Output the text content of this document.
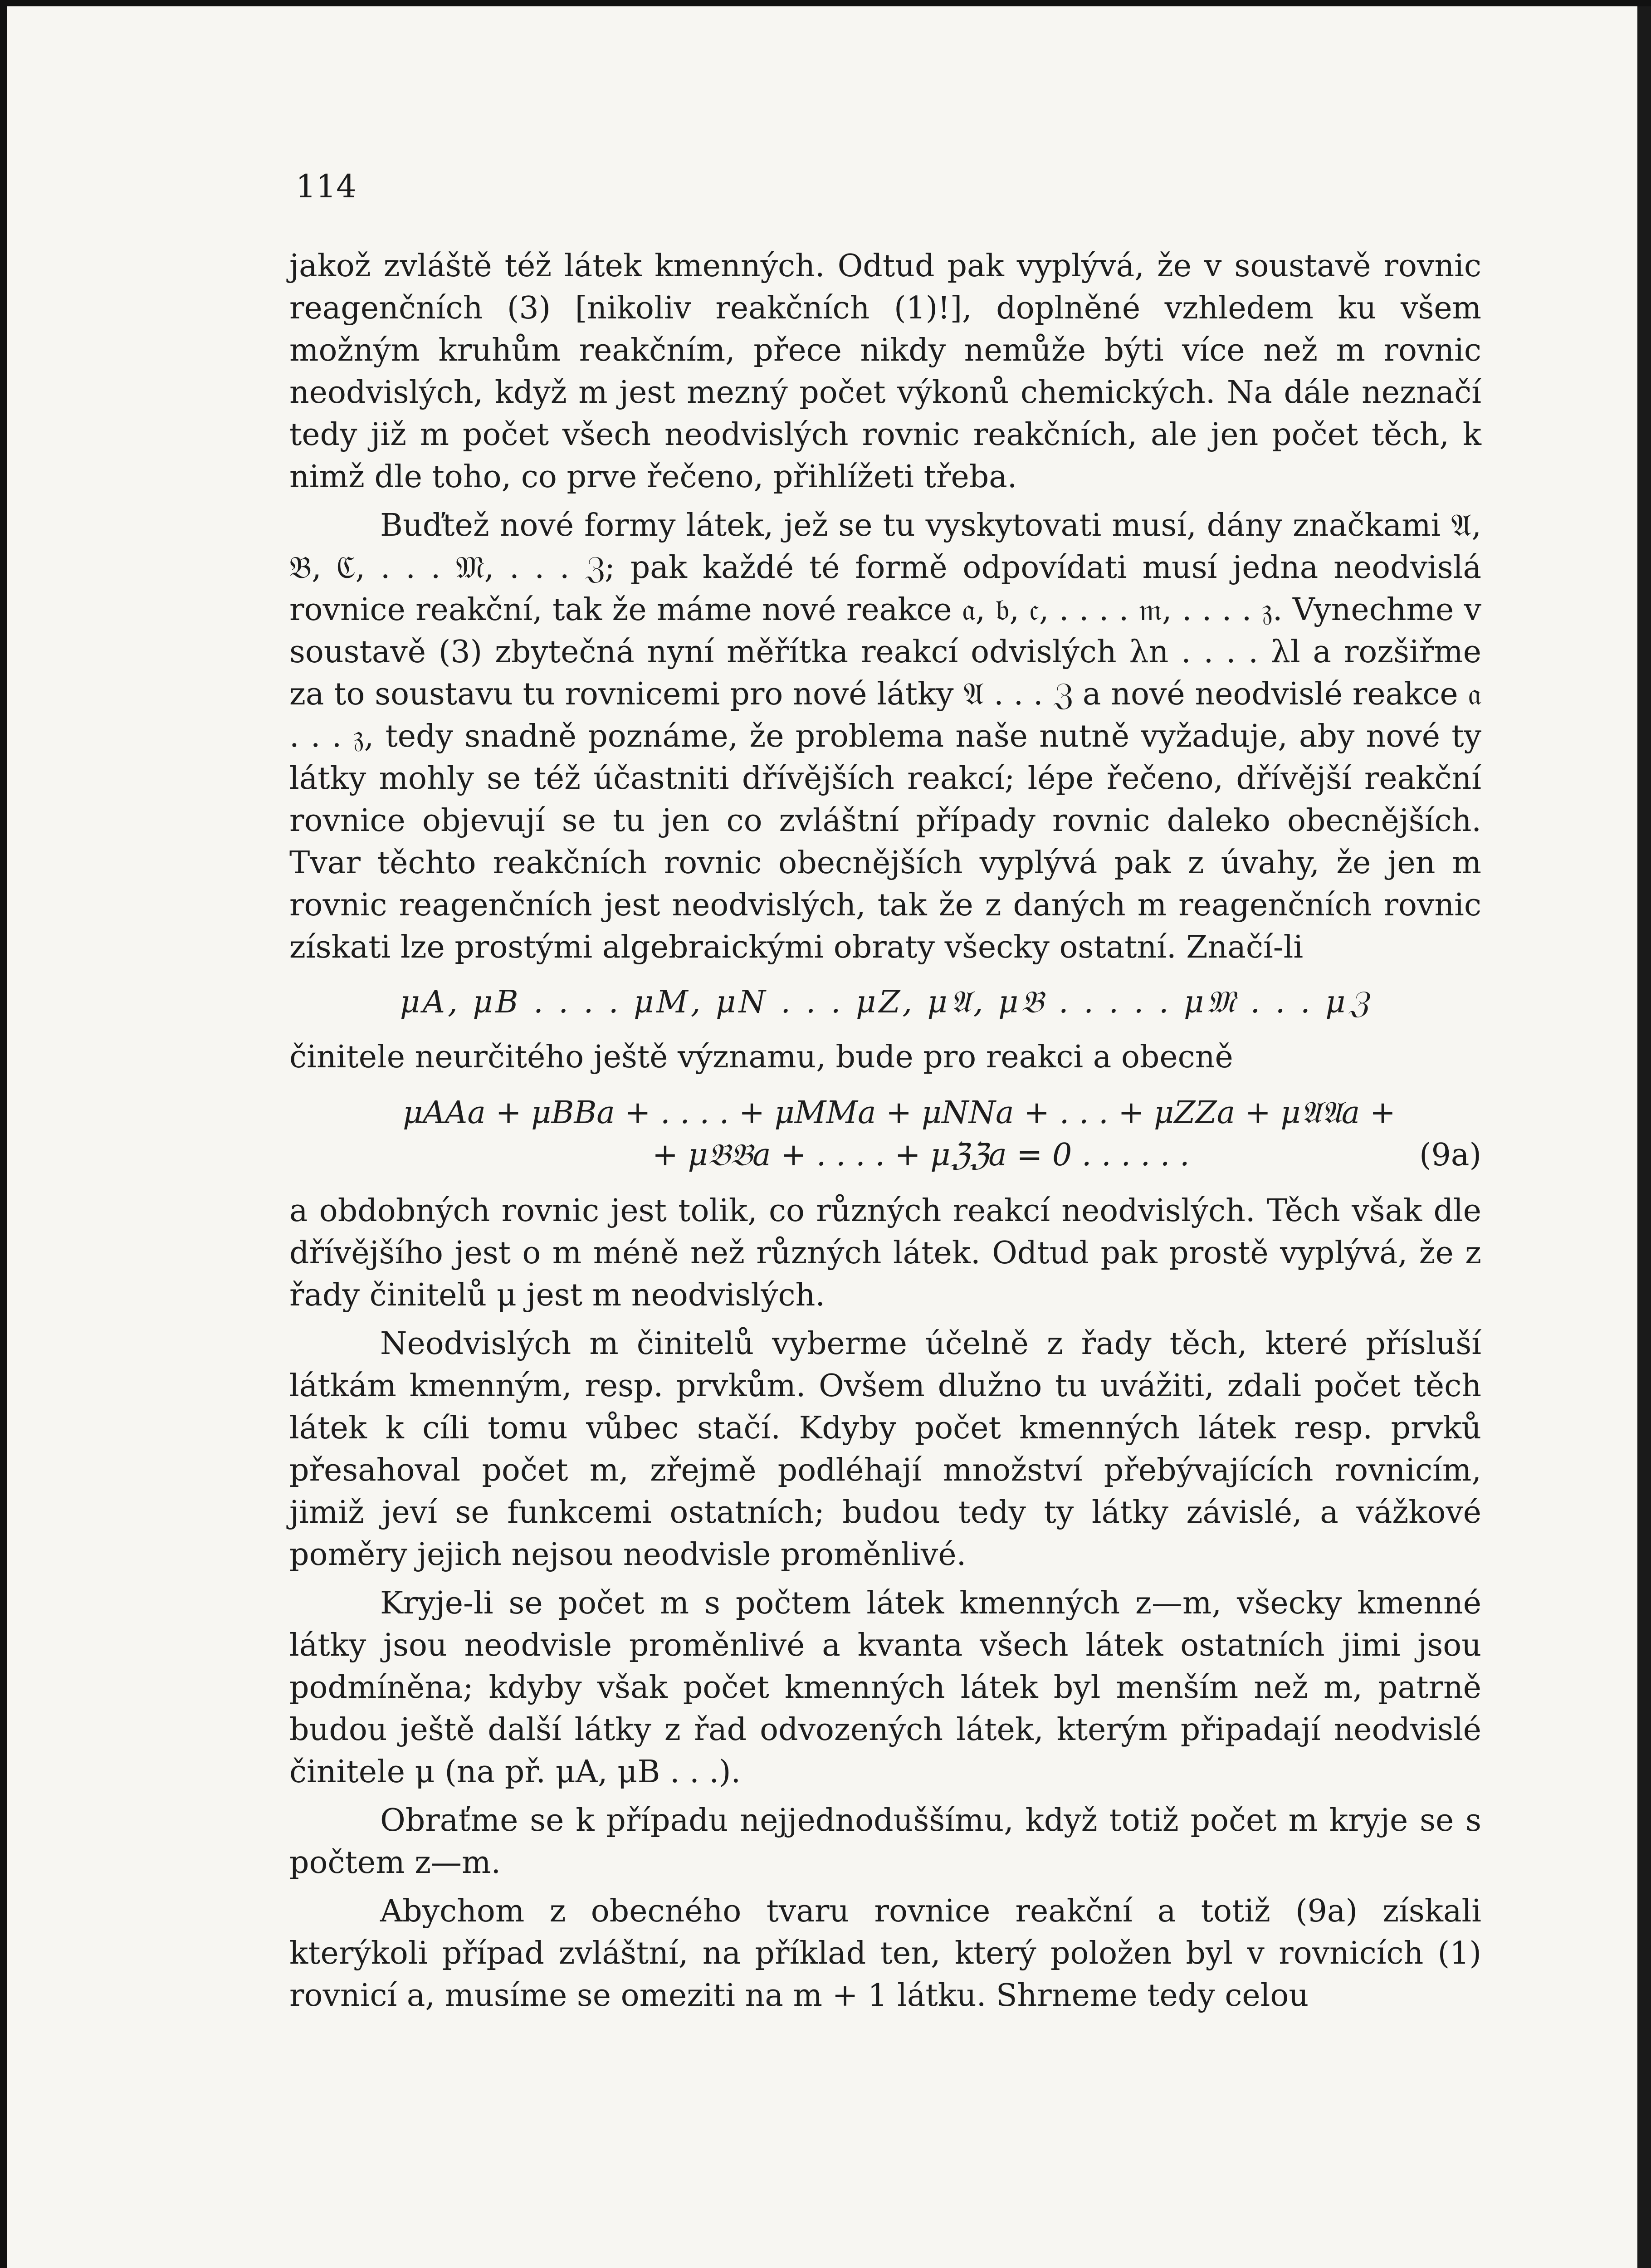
114

jakož zvláště též látek kmenných. Odtud pak vyplývá, že v soustavě rovnic reagenčních (3) [nikoliv reakčních (1)!], doplněné vzhledem ku všem možným kruhům reakčním, přece nikdy nemůže býti více než m rovnic neodvislých, když m jest mezný počet výkonů chemických. Na dále neznačí tedy již m počet všech neodvislých rovnic reakčních, ale jen počet těch, k nimž dle toho, co prve řečeno, přihlížeti třeba.

Buďtež nové formy látek, jež se tu vyskytovati musí, dány značkami 𝔄, 𝔅, ℭ, . . . 𝔐, . . . ℨ; pak každé té formě odpovídati musí jedna neodvislá rovnice reakční, tak že máme nové reakce 𝔞, 𝔟, 𝔠, . . . . 𝔪, . . . . 𝔷. Vynechme v soustavě (3) zbytečná nyní měřítka reakcí odvislých λn . . . . λl a rozšiřme za to soustavu tu rovnicemi pro nové látky 𝔄 . . . ℨ a nové neodvislé reakce 𝔞 . . . 𝔷, tedy snadně poznáme, že problema naše nutně vyžaduje, aby nové ty látky mohly se též účastniti dřívějších reakcí; lépe řečeno, dřívější reakční rovnice objevují se tu jen co zvláštní případy rovnic daleko obecnějších. Tvar těchto reakčních rovnic obecnějších vyplývá pak z úvahy, že jen m rovnic reagenčních jest neodvislých, tak že z daných m reagenčních rovnic získati lze prostými algebraickými obraty všecky ostatní. Značí-li

μA, μB . . . . μM, μN . . . μZ, μ𝔄, μ𝔅 . . . . . μ𝔐 . . . μℨ

činitele neurčitého ještě významu, bude pro reakci a obecně

μAAa + μBBa + . . . . + μMMa + μNNa + . . . + μZZa + μ𝔄𝔄a +
+ μ𝔅𝔅a + . . . . + μℨℨa = 0 . . . . . .	(9a)

a obdobných rovnic jest tolik, co různých reakcí neodvislých. Těch však dle dřívějšího jest o m méně než různých látek. Odtud pak prostě vyplývá, že z řady činitelů μ jest m neodvislých.

Neodvislých m činitelů vyberme účelně z řady těch, které přísluší látkám kmenným, resp. prvkům. Ovšem dlužno tu uvážiti, zdali počet těch látek k cíli tomu vůbec stačí. Kdyby počet kmenných látek resp. prvků přesahoval počet m, zřejmě podléhají množství přebývajících rovnicím, jimiž jeví se funkcemi ostatních; budou tedy ty látky závislé, a vážkové poměry jejich nejsou neodvisle proměnlivé.

Kryje-li se počet m s počtem látek kmenných z—m, všecky kmenné látky jsou neodvisle proměnlivé a kvanta všech látek ostatních jimi jsou podmíněna; kdyby však počet kmenných látek byl menším než m, patrně budou ještě další látky z řad odvozených látek, kterým připadají neodvislé činitele μ (na př. μA, μB . . .).

Obraťme se k případu nejjednoduššímu, když totiž počet m kryje se s počtem z—m.

Abychom z obecného tvaru rovnice reakční a totiž (9a) získali kterýkoli případ zvláštní, na příklad ten, který položen byl v rovnicích (1) rovnicí a, musíme se omeziti na m + 1 látku. Shrneme tedy celou
